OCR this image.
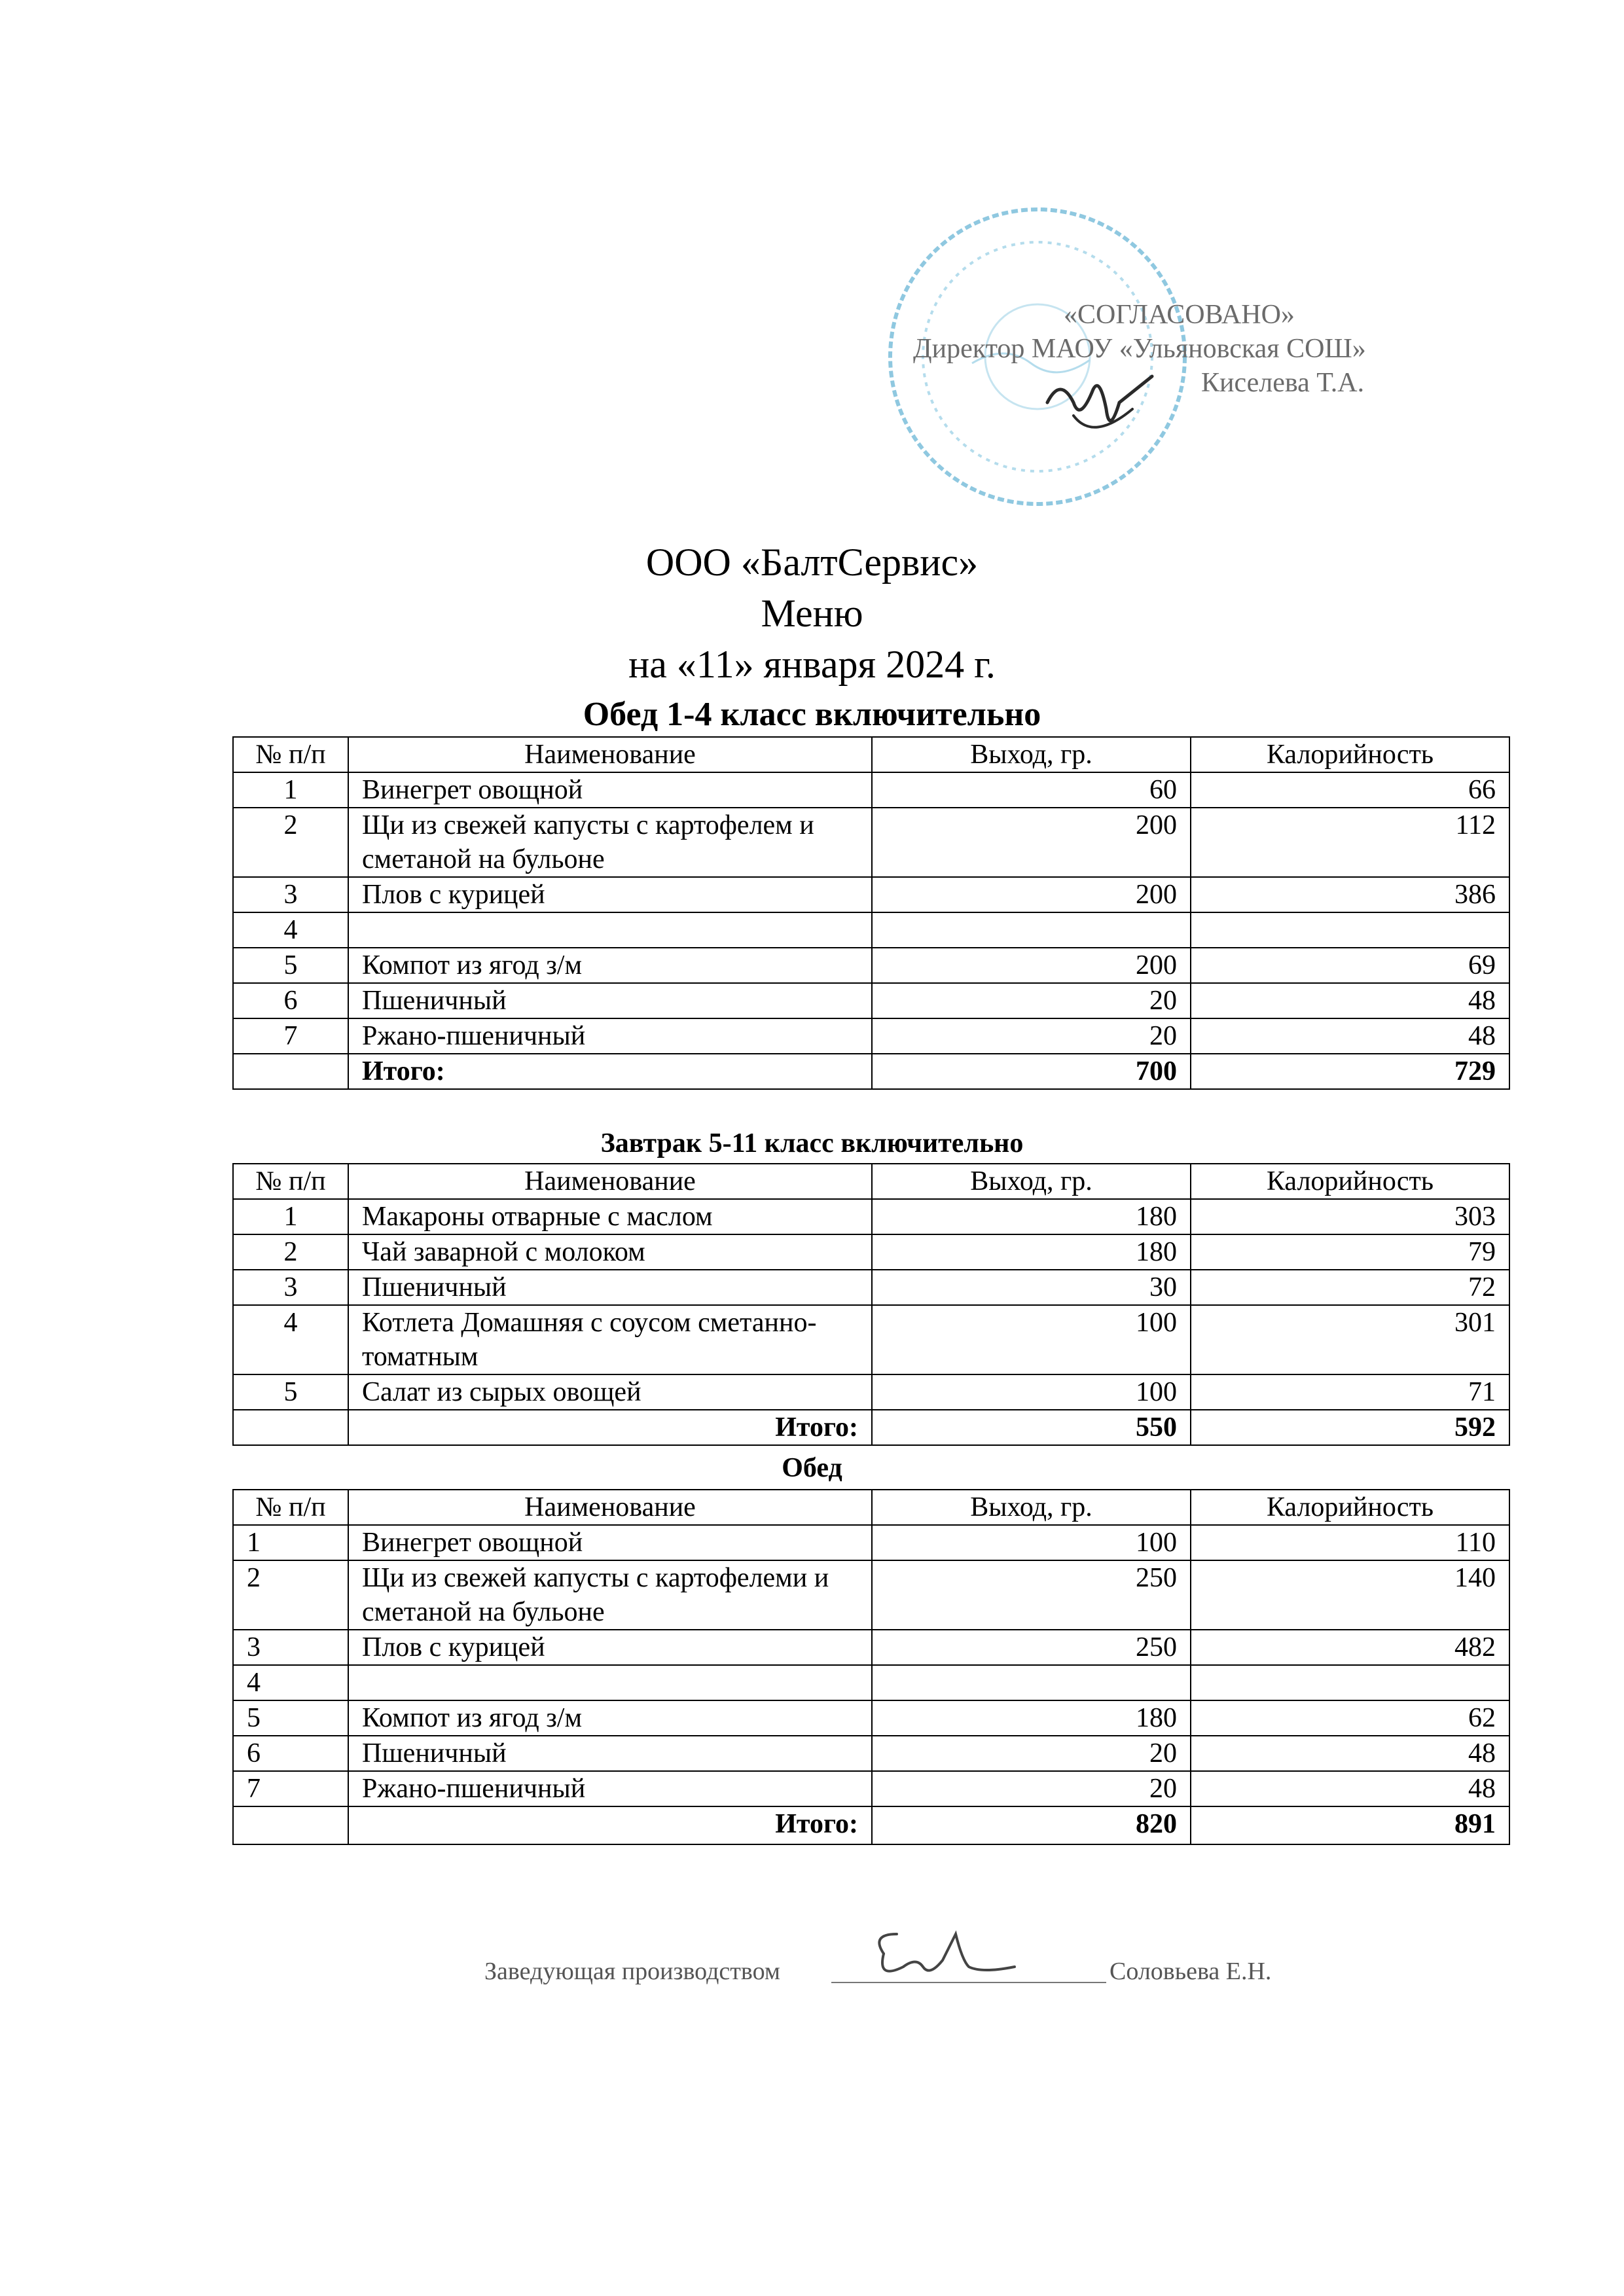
«СОГЛАСОВАНО»
Директор МАОУ «Ульяновская СОШ»
Киселева Т.А.
ООО «БалтСервис»
Меню
на «11» января 2024 г.
Обед 1-4 класс включительно
№ п/п	Наименование	Выход, гр.	Калорийность
1	Винегрет овощной	60	66
2	Щи из свежей капусты с картофелем и сметаной на бульоне	200	112
3	Плов с курицей	200	386
4			
5	Компот из ягод з/м	200	69
6	Пшеничный	20	48
7	Ржано-пшеничный	20	48
	Итого:	700	729
Завтрак 5-11 класс включительно
№ п/п	Наименование	Выход, гр.	Калорийность
1	Макароны отварные с маслом	180	303
2	Чай заварной с молоком	180	79
3	Пшеничный	30	72
4	Котлета Домашняя с соусом сметанно-томатным	100	301
5	Салат из сырых овощей	100	71
	Итого:	550	592
Обед
№ п/п	Наименование	Выход, гр.	Калорийность
1	Винегрет овощной	100	110
2	Щи из свежей капусты с картофелеми и сметаной на бульоне	250	140
3	Плов с курицей	250	482
4			
5	Компот из ягод з/м	180	62
6	Пшеничный	20	48
7	Ржано-пшеничный	20	48
	Итого:	820	891
Заведующая производством	Соловьева Е.Н.
